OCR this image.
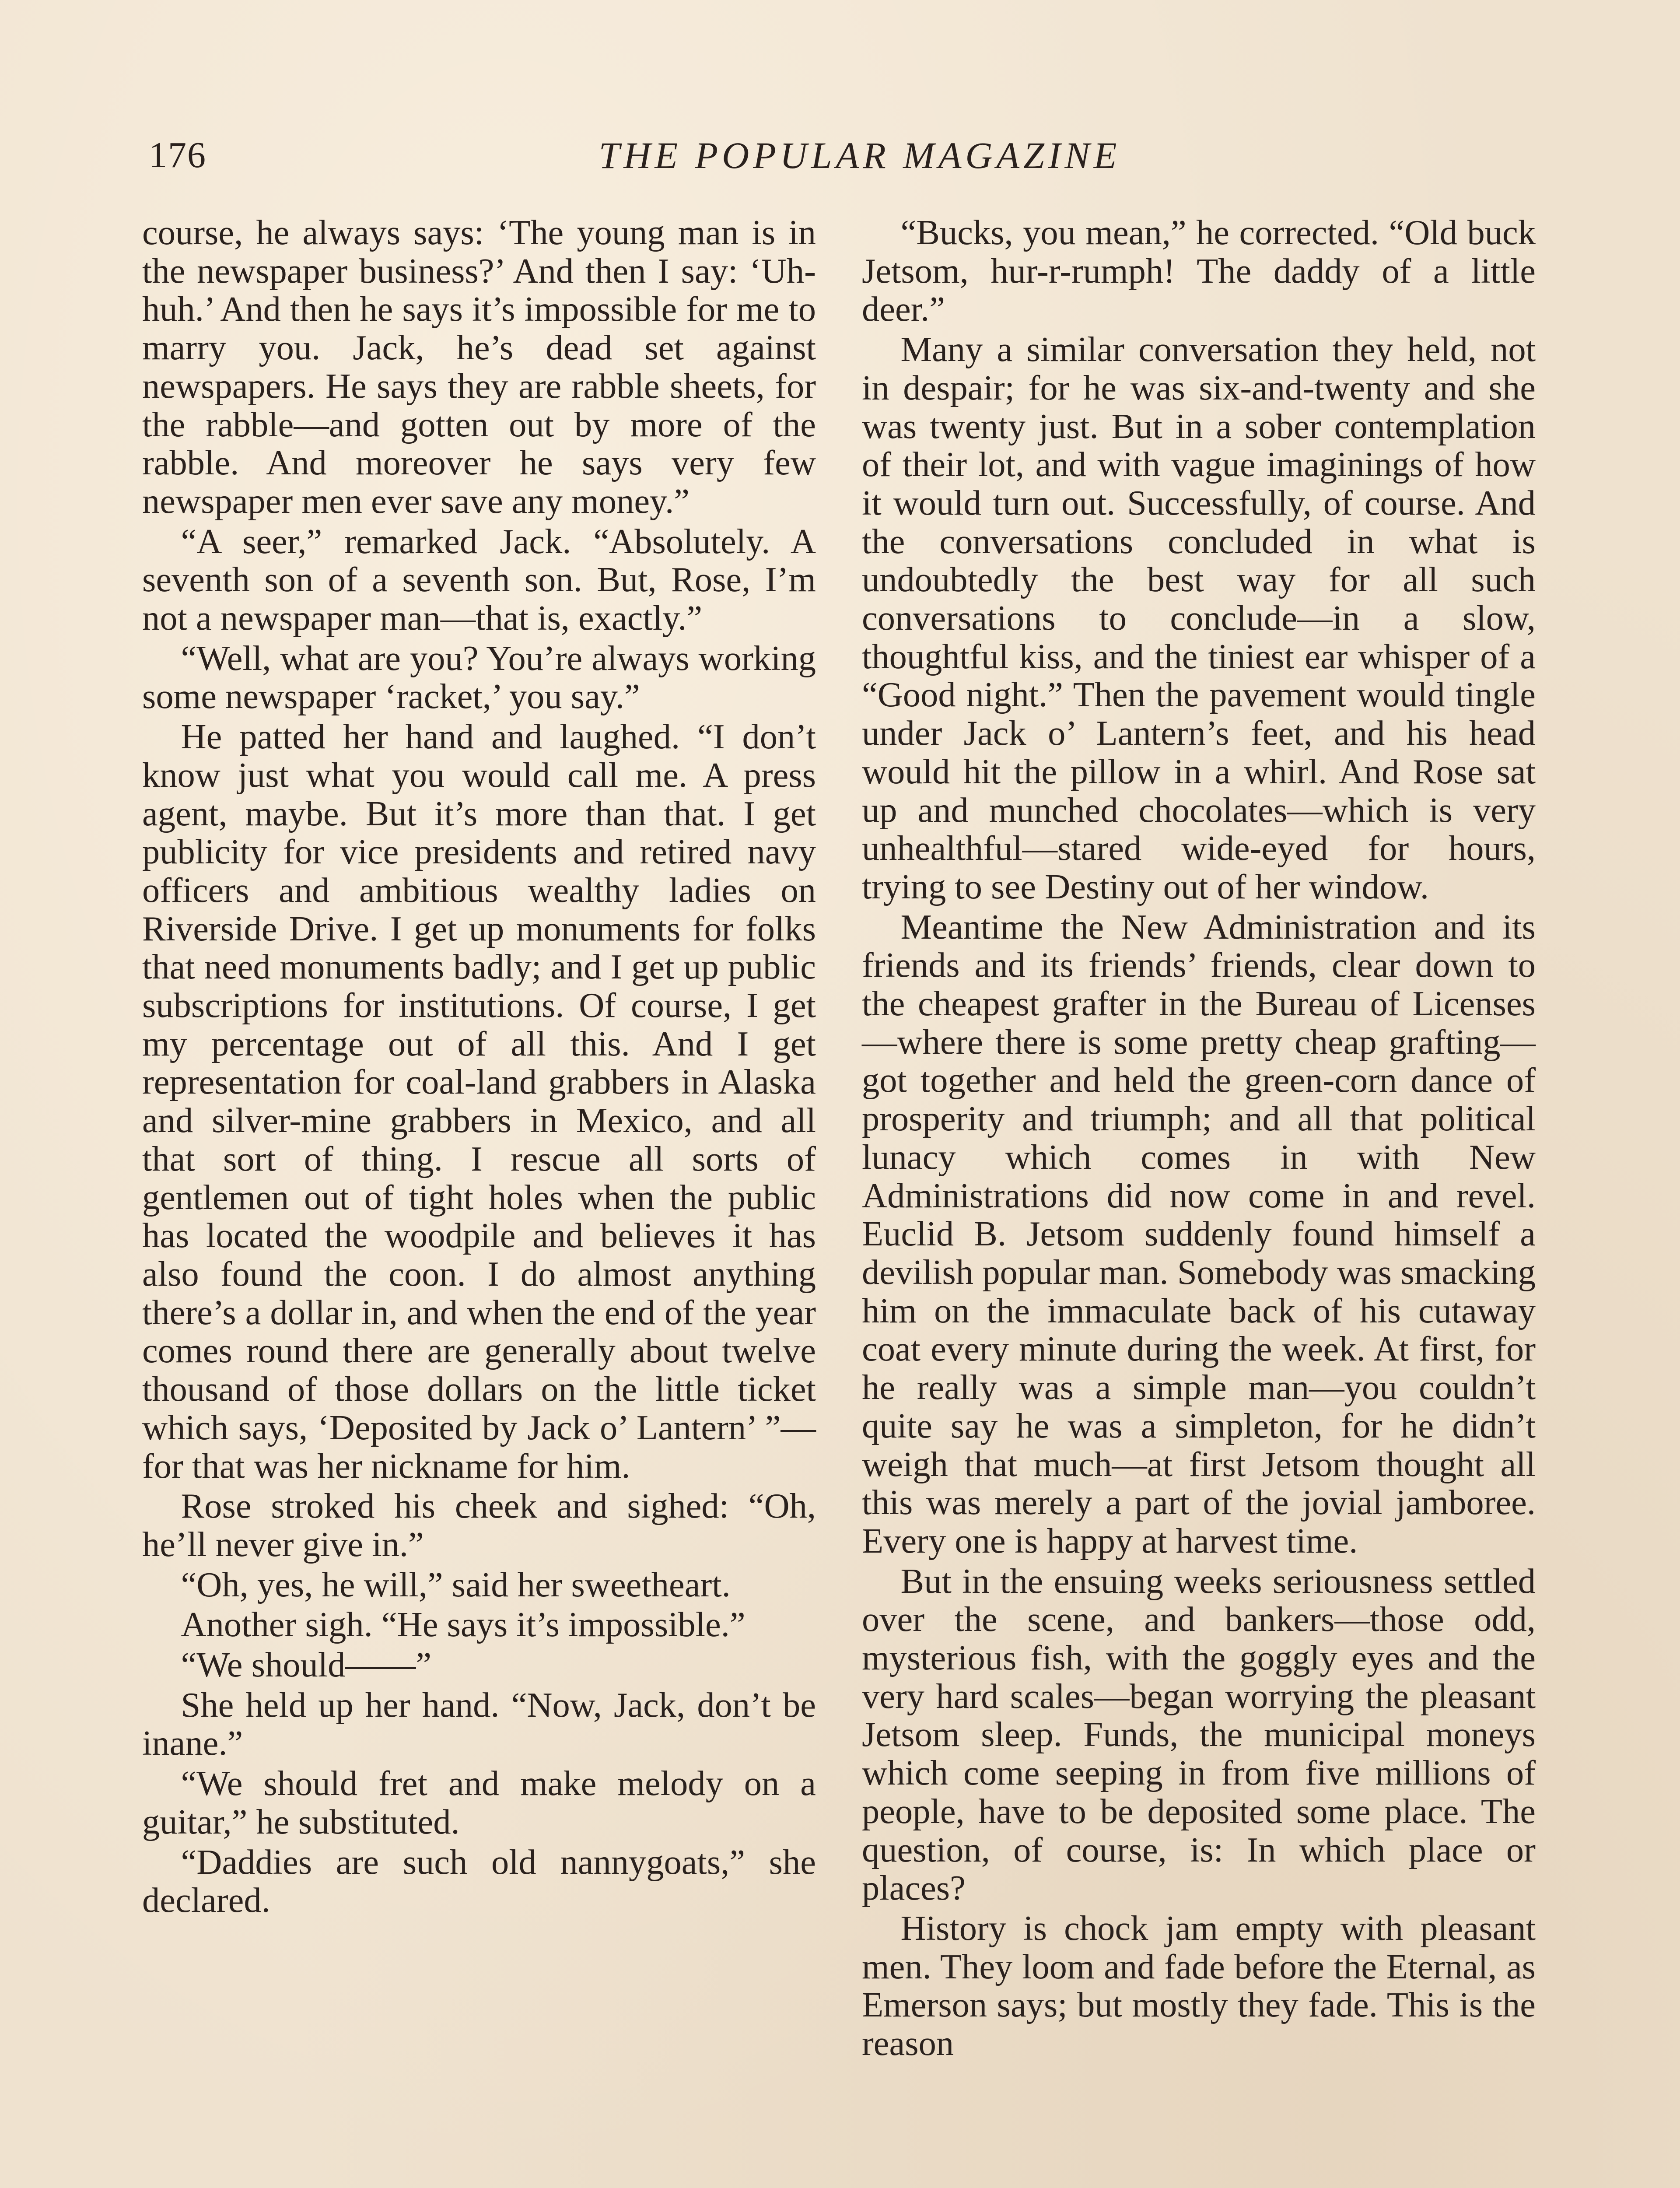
176	THE POPULAR MAGAZINE

course, he always says: ‘The young man is in the newspaper business?’ And then I say: ‘Uh-huh.’ And then he says it’s impossible for me to marry you. Jack, he’s dead set against newspapers. He says they are rabble sheets, for the rabble—and gotten out by more of the rabble. And moreover he says very few newspaper men ever save any money.”

“A seer,” remarked Jack. “Absolutely. A seventh son of a seventh son. But, Rose, I’m not a newspaper man—that is, exactly.”

“Well, what are you? You’re always working some newspaper ‘racket,’ you say.”

He patted her hand and laughed. “I don’t know just what you would call me. A press agent, maybe. But it’s more than that. I get publicity for vice presidents and retired navy officers and ambitious wealthy ladies on Riverside Drive. I get up monuments for folks that need monuments badly; and I get up public subscriptions for institutions. Of course, I get my percentage out of all this. And I get representation for coal-land grabbers in Alaska and silver-mine grabbers in Mexico, and all that sort of thing. I rescue all sorts of gentlemen out of tight holes when the public has located the woodpile and believes it has also found the coon. I do almost anything there’s a dollar in, and when the end of the year comes round there are generally about twelve thousand of those dollars on the little ticket which says, ‘Deposited by Jack o’ Lantern’ ”—for that was her nickname for him.

Rose stroked his cheek and sighed: “Oh, he’ll never give in.”

“Oh, yes, he will,” said her sweetheart.

Another sigh. “He says it’s impossible.”

“We should——”

She held up her hand. “Now, Jack, don’t be inane.”

“We should fret and make melody on a guitar,” he substituted.

“Daddies are such old nannygoats,” she declared.

“Bucks, you mean,” he corrected. “Old buck Jetsom, hur-r-rumph! The daddy of a little deer.”

Many a similar conversation they held, not in despair; for he was six-and-twenty and she was twenty just. But in a sober contemplation of their lot, and with vague imaginings of how it would turn out. Successfully, of course. And the conversations concluded in what is undoubtedly the best way for all such conversations to conclude—in a slow, thoughtful kiss, and the tiniest ear whisper of a “Good night.” Then the pavement would tingle under Jack o’ Lantern’s feet, and his head would hit the pillow in a whirl. And Rose sat up and munched chocolates—which is very unhealthful—stared wide-eyed for hours, trying to see Destiny out of her window.

Meantime the New Administration and its friends and its friends’ friends, clear down to the cheapest grafter in the Bureau of Licenses—where there is some pretty cheap grafting—got together and held the green-corn dance of prosperity and triumph; and all that political lunacy which comes in with New Administrations did now come in and revel. Euclid B. Jetsom suddenly found himself a devilish popular man. Somebody was smacking him on the immaculate back of his cutaway coat every minute during the week. At first, for he really was a simple man—you couldn’t quite say he was a simpleton, for he didn’t weigh that much—at first Jetsom thought all this was merely a part of the jovial jamboree. Every one is happy at harvest time.

But in the ensuing weeks seriousness settled over the scene, and bankers—those odd, mysterious fish, with the goggly eyes and the very hard scales—began worrying the pleasant Jetsom sleep. Funds, the municipal moneys which come seeping in from five millions of people, have to be deposited some place. The question, of course, is: In which place or places?

History is chock jam empty with pleasant men. They loom and fade before the Eternal, as Emerson says; but mostly they fade. This is the reason
